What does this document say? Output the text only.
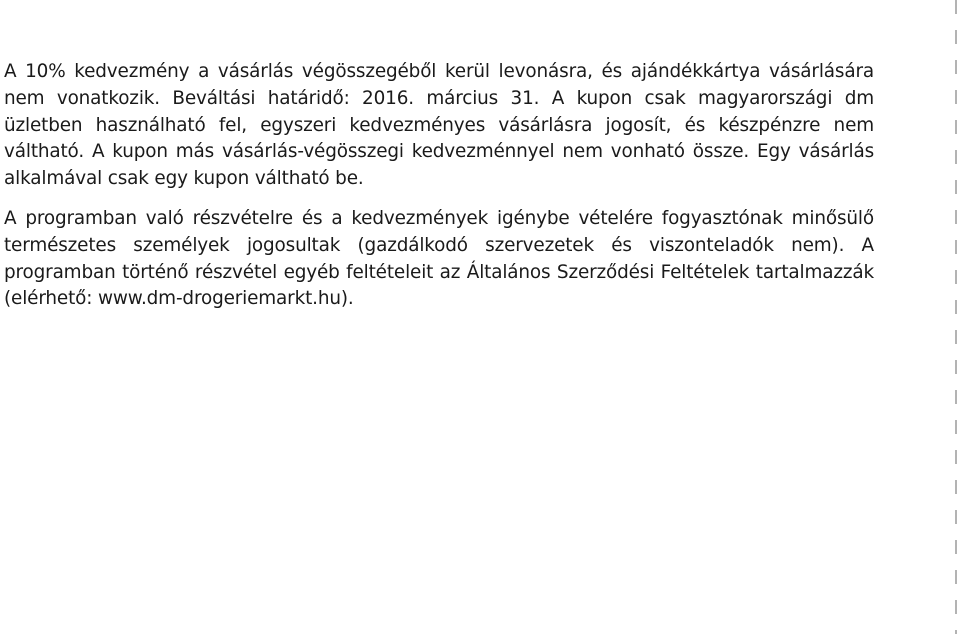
A 10% kedvezmény a vásárlás végösszegéből kerül levonásra, és ajándékkártya vásárlására nem vonatkozik. Beváltási határidő: 2016. március 31. A kupon csak magyarországi dm üzletben használható fel, egyszeri kedvezményes vásárlásra jogosít, és készpénzre nem váltható. A kupon más vásárlás-végösszegi kedvezménnyel nem vonható össze. Egy vásárlás alkalmával csak egy kupon váltható be.

A programban való részvételre és a kedvezmények igénybe vételére fogyasztónak minősülő természetes személyek jogosultak (gazdálkodó szervezetek és viszonteladók nem). A programban történő részvétel egyéb feltételeit az Általános Szerződési Feltételek tartalmazzák (elérhető: www.dm-drogeriemarkt.hu).
